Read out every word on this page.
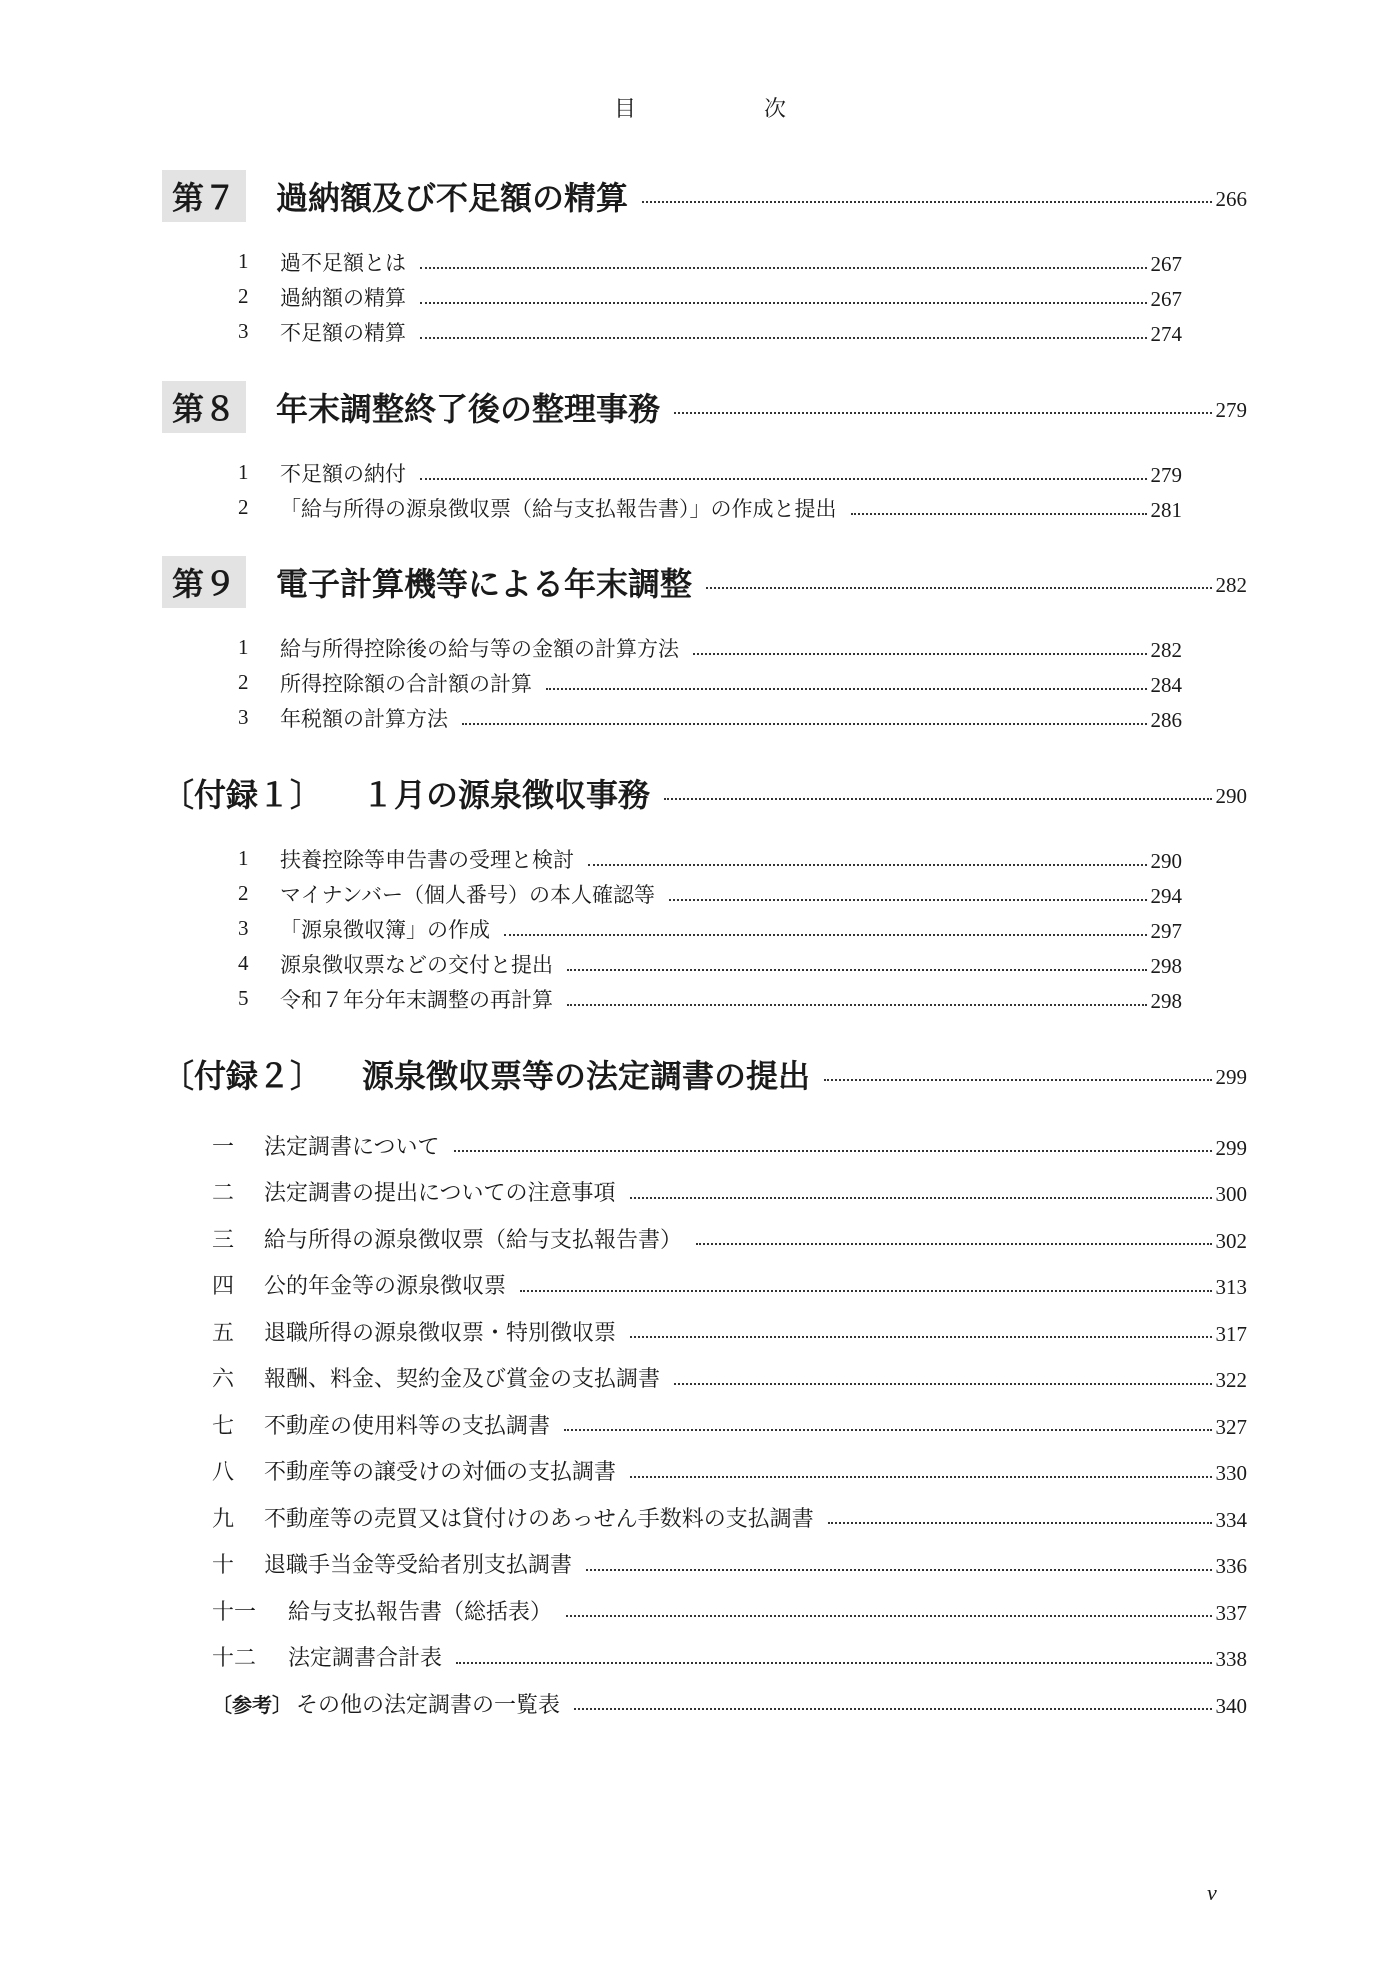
目	次
第７	過納額及び不足額の精算	266
1	過不足額とは	267
2	過納額の精算	267
3	不足額の精算	274
第８	年末調整終了後の整理事務	279
1	不足額の納付	279
2	「給与所得の源泉徴収票（給与支払報告書）」の作成と提出	281
第９	電子計算機等による年末調整	282
1	給与所得控除後の給与等の金額の計算方法	282
2	所得控除額の合計額の計算	284
3	年税額の計算方法	286
〔付録１〕 １月の源泉徴収事務	290
1	扶養控除等申告書の受理と検討	290
2	マイナンバー（個人番号）の本人確認等	294
3	「源泉徴収簿」の作成	297
4	源泉徴収票などの交付と提出	298
5	令和７年分年末調整の再計算	298
〔付録２〕 源泉徴収票等の法定調書の提出	299
一	法定調書について	299
二	法定調書の提出についての注意事項	300
三	給与所得の源泉徴収票（給与支払報告書）	302
四	公的年金等の源泉徴収票	313
五	退職所得の源泉徴収票・特別徴収票	317
六	報酬、料金、契約金及び賞金の支払調書	322
七	不動産の使用料等の支払調書	327
八	不動産等の譲受けの対価の支払調書	330
九	不動産等の売買又は貸付けのあっせん手数料の支払調書	334
十	退職手当金等受給者別支払調書	336
十一	給与支払報告書（総括表）	337
十二	法定調書合計表	338
〔参考〕 その他の法定調書の一覧表	340
v
